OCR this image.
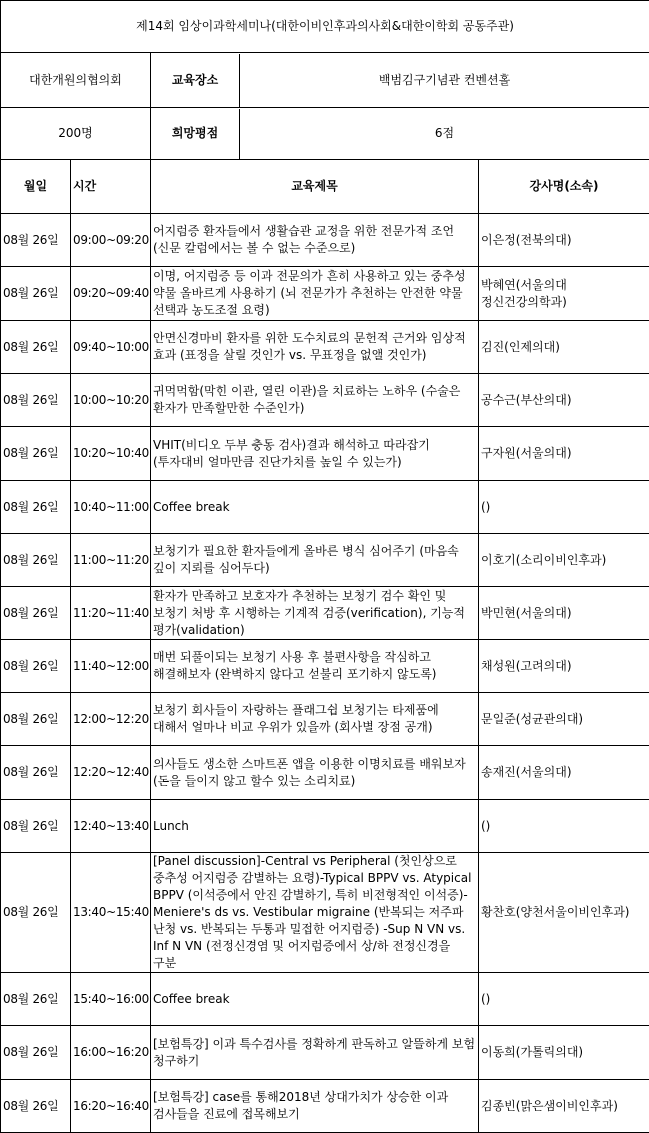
제14회 임상이과학세미나(대한이비인후과의사회&대한이학회 공동주관)			
대한개원의협의회		교육장소 백범김구기념관 컨벤션홀	

200명		희망평점 6점	

월일	시간	교육제목	강사명(소속)
08월 26일	09:00~09:20	어지럼증 환자들에서 생활습관 교정을 위한 전문가적 조언 (신문 칼럼에서는 볼 수 없는 수준으로)	이은정(전북의대)
08월 26일	09:20~09:40	이명, 어지럼증 등 이과 전문의가 흔히 사용하고 있는 중추성 약물 올바르게 사용하기 (뇌 전문가가 추천하는 안전한 약물 선택과 농도조절 요령)	박혜연(서울의대 정신건강의학과)
08월 26일	09:40~10:00	안면신경마비 환자를 위한 도수치료의 문헌적 근거와 임상적 효과 (표정을 살릴 것인가 vs. 무표정을 없앨 것인가)	김진(인제의대)
08월 26일	10:00~10:20	귀먹먹함(막힌 이관, 열린 이관)을 치료하는 노하우 (수술은 환자가 만족할만한 수준인가)	공수근(부산의대)
08월 26일	10:20~10:40	VHIT(비디오 두부 충동 검사)결과 해석하고 따라잡기 (투자대비 얼마만큼 진단가치를 높일 수 있는가)	구자원(서울의대)
08월 26일	10:40~11:00	Coffee break	()
08월 26일	11:00~11:20	보청기가 필요한 환자들에게 올바른 병식 심어주기 (마음속 깊이 지뢰를 심어두다)	이호기(소리이비인후과)
08월 26일	11:20~11:40	환자가 만족하고 보호자가 추천하는 보청기 검수 확인 및 보청기 처방 후 시행하는 기계적 검증(verification), 기능적 평가(validation)	박민현(서울의대)
08월 26일	11:40~12:00	매번 되풀이되는 보청기 사용 후 불편사항을 작심하고 해결해보자 (완벽하지 않다고 섣불리 포기하지 않도록)	채성원(고려의대)
08월 26일	12:00~12:20	보청기 회사들이 자랑하는 플래그쉽 보청기는 타제품에 대해서 얼마나 비교 우위가 있을까 (회사별 장점 공개)	문일준(성균관의대)
08월 26일	12:20~12:40	의사들도 생소한 스마트폰 앱을 이용한 이명치료를 배워보자 (돈을 들이지 않고 할수 있는 소리치료)	송재진(서울의대)
08월 26일	12:40~13:40	Lunch	()
08월 26일	13:40~15:40	[Panel discussion]-Central vs Peripheral (첫인상으로 중추성 어지럼증 감별하는 요령)-Typical BPPV vs. Atypical BPPV (이석증에서 안진 감별하기, 특히 비전형적인 이석증)-Meniere's ds vs. Vestibular migraine (반복되는 저주파 난청 vs. 반복되는 두통과 밀접한 어지럼증) -Sup N VN vs. Inf N VN (전정신경염 및 어지럼증에서 상/하 전정신경을 구분	황찬호(양천서울이비인후과)
08월 26일	15:40~16:00	Coffee break	()
08월 26일	16:00~16:20	[보험특강] 이과 특수검사를 정확하게 판독하고 알뜰하게 보험 청구하기	이동희(가톨릭의대)
08월 26일	16:20~16:40	[보험특강] case를 통해2018년 상대가치가 상승한 이과 검사들을 진료에 접목해보기	김종빈(맑은샘이비인후과)
